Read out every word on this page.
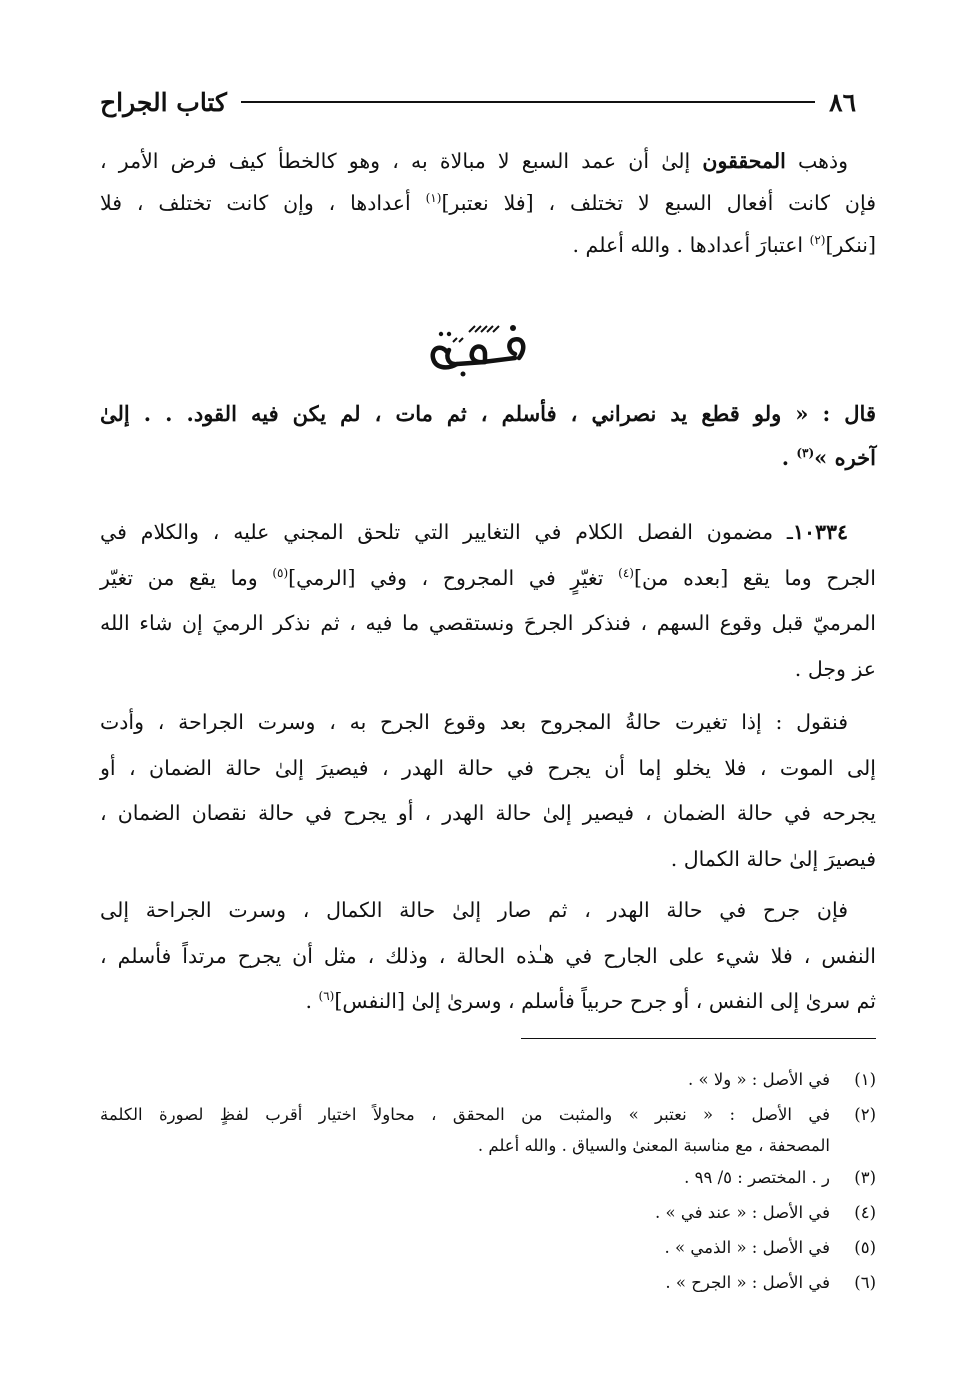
٨٦
كتاب الجراح

وذهب المحققون إلىٰ أن عمد السبع لا مبالاة به ، وهو كالخطأ كيف فرض الأمر ،

فإن كانت أفعال السبع لا تختلف ، [فلا نعتبر]$^{(١)}$ أعدادها ، وإن كانت تختلف ، فلا

[ننكر]$^{(٢)}$ اعتبارَ أعدادها . والله أعلم .

قال : « ولو قطع يد نصراني ، فأسلم ، ثم مات ، لم يكن فيه القود. . . إلىٰ

آخره »$^{(٣)}$ .

١٠٣٣٤ـ مضمون الفصل الكلام في التغايير التي تلحق المجني عليه ، والكلام في

الجرح وما يقع [بعده من]$^{(٤)}$ تغيّرٍ في المجروح ، وفي [الرمي]$^{(٥)}$ وما يقع من تغيّر

المرميّ قبل وقوع السهم ، فنذكر الجرحَ ونستقصي ما فيه ، ثم نذكر الرميَ إن شاء الله

عز وجل .

فنقول : إذا تغيرت حالةُ المجروح بعد وقوع الجرح به ، وسرت الجراحة ، وأدت

إلى الموت ، فلا يخلو إما أن يجرح في حالة الهدر ، فيصيرَ إلىٰ حالة الضمان ، أو

يجرحه في حالة الضمان ، فيصير إلىٰ حالة الهدر ، أو يجرح في حالة نقصان الضمان ،

فيصيرَ إلىٰ حالة الكمال .

فإن جرح في حالة الهدر ، ثم صار إلىٰ حالة الكمال ، وسرت الجراحة إلى

النفس ، فلا شيء على الجارح في هـٰذه الحالة ، وذلك ، مثل أن يجرح مرتداً فأسلم ،

ثم سرىٰ إلى النفس ، أو جرح حربياً فأسلم ، وسرىٰ إلىٰ [النفس]$^{(٦)}$ .

(١)
في الأصل : « ولا » .
(٢)
في الأصل : « نعتبر » والمثبت من المحقق ، محاولاً اختيار أقرب لفظٍ لصورة الكلمة
المصحفة ، مع مناسبة المعنىٰ والسياق . والله أعلم .
(٣)
ر . المختصر : ٥/ ٩٩ .
(٤)
في الأصل : « عند في » .
(٥)
في الأصل : « الذمي » .
(٦)
في الأصل : « الجرح » .
